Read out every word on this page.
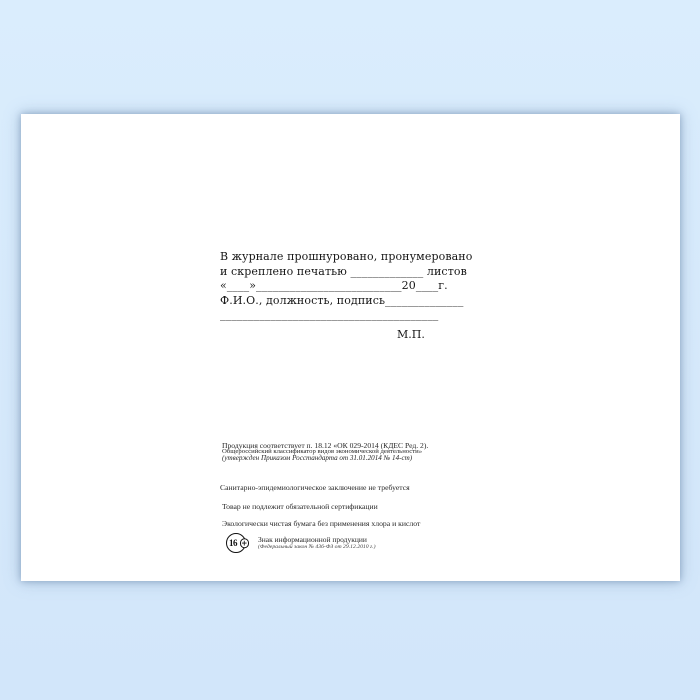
В журнале прошнуровано, пронумеровано
и скреплено печатью _____________ листов
«____»__________________________20____г.
Ф.И.О., должность, подпись______________
_______________________________________
М.П.
Продукция соответствует п. 18.12 «ОК 029-2014 (КДЕС Ред. 2).
Общероссийский классификатор видов экономической деятельности»
(утвержден Приказом Росстандарта от 31.01.2014 № 14-ст)
Санитарно-эпидемиологическое заключение не требуется
Товар не подлежит обязательной сертификации
Экологически чистая бумага без применения хлора и кислот
16 + Знак информационной продукции
(Федеральный закон № 436-ФЗ от 29.12.2010 г.)
